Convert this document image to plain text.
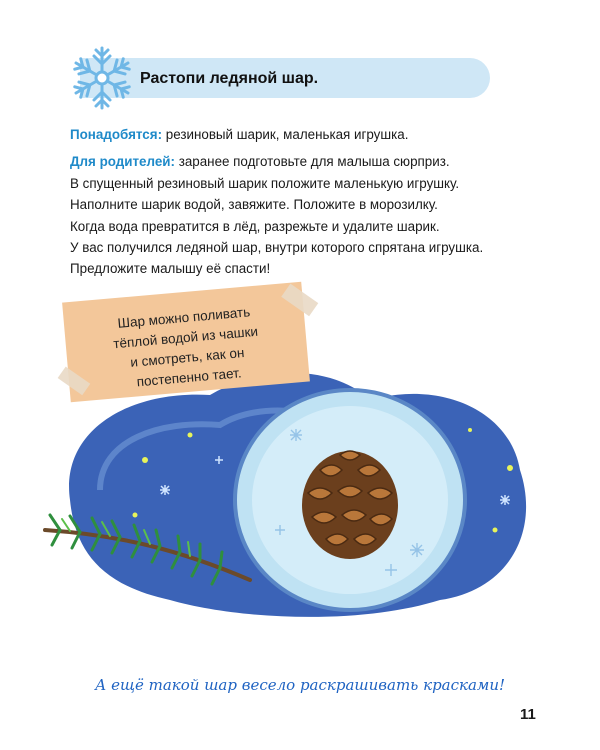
Растопи ледяной шар.

Понадобятся: резиновый шарик, маленькая игрушка.

Для родителей: заранее подготовьте для малыша сюрприз.
В спущенный резиновый шарик положите маленькую игрушку.
Наполните шарик водой, завяжите. Положите в морозилку.
Когда вода превратится в лёд, разрежьте и удалите шарик.
У вас получился ледяной шар, внутри которого спрятана игрушка.
Предложите малышу её спасти!

Шар можно поливать
тёплой водой из чашки
и смотреть, как он
постепенно тает.
А ещё такой шар весело раскрашивать красками!
11
